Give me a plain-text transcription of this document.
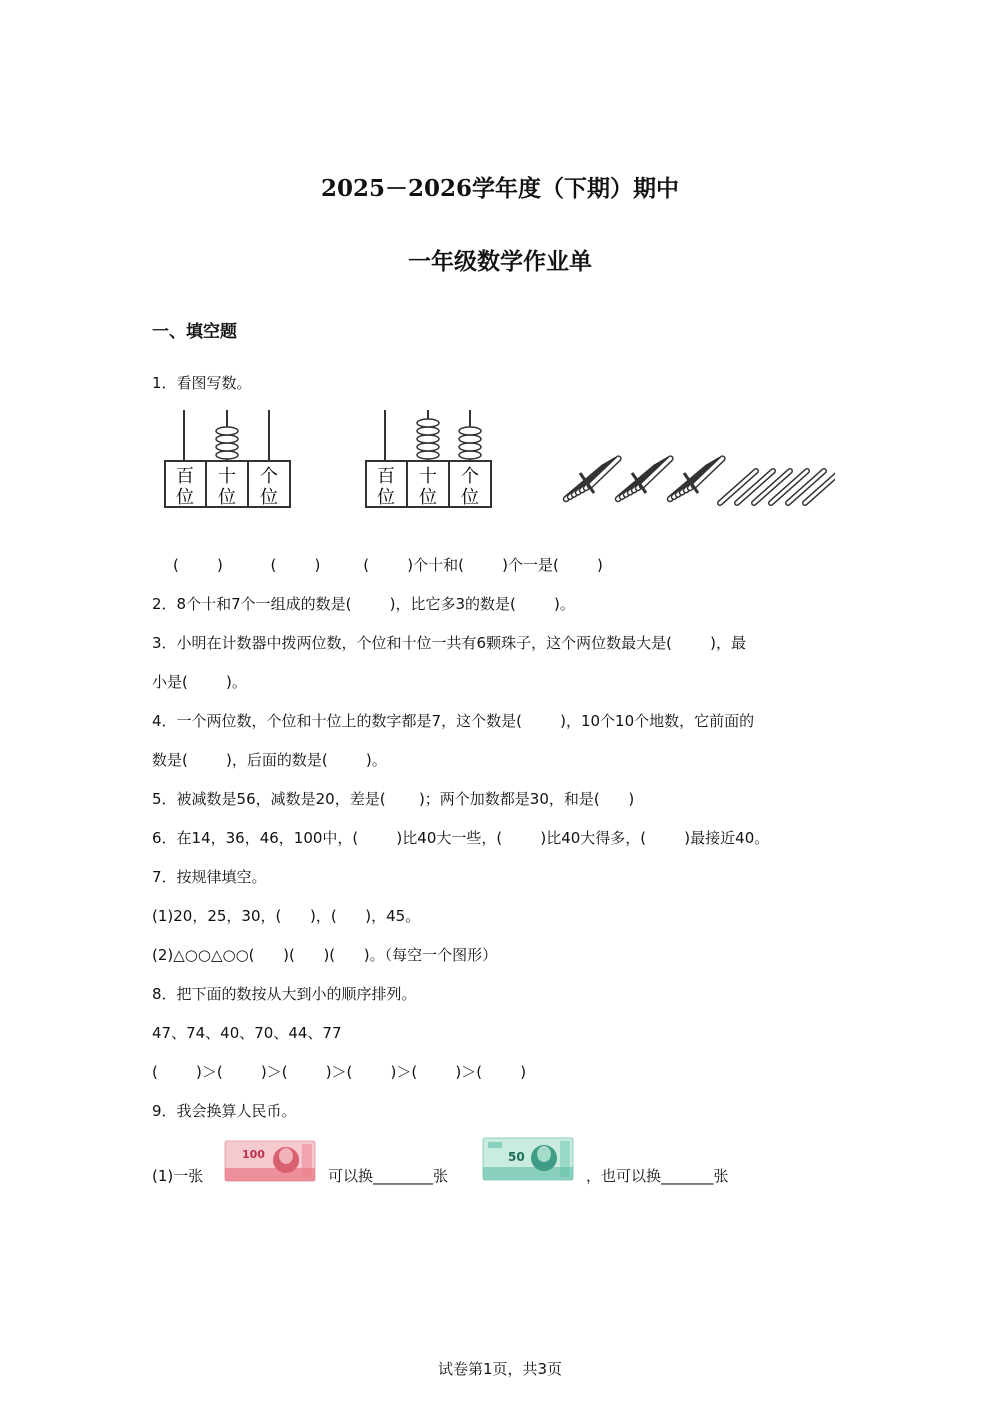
2025－2026学年度（下期）期中
一年级数学作业单
一、填空题
1．看图写数。
百
位
十
位
个
位
百
位
十
位
个
位
(        )          (        )         (        )个十和(        )个一是(        )
2．8个十和7个一组成的数是(        )，比它多3的数是(        )。
3．小明在计数器中拨两位数，个位和十位一共有6颗珠子，这个两位数最大是(        )，最
小是(        )。
4．一个两位数，个位和十位上的数字都是7，这个数是(        )，10个10个地数，它前面的
数是(        )，后面的数是(        )。
5．被减数是56，减数是20，差是(       )；两个加数都是30，和是(      )
6．在14，36，46，100中，(        )比40大一些，(        )比40大得多，(        )最接近40。
7．按规律填空。
(1)20，25，30，(      )，(      )，45。
(2)△○○△○○(      )(      )(      )。（每空一个图形）
8．把下面的数按从大到小的顺序排列。
47、74、40、70、44、77
(        )＞(        )＞(        )＞(        )＞(        )＞(        )
9．我会换算人民币。
(1)一张
100
可以换________张
50
，也可以换_______张
试卷第1页，共3页
